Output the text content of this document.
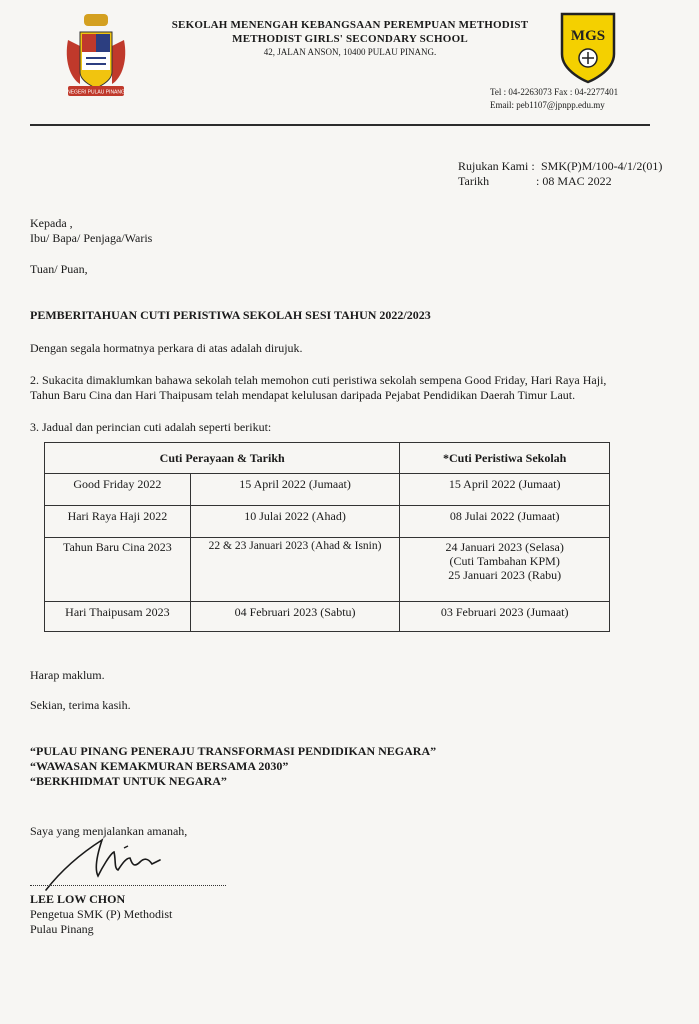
NEGERI PULAU PINANG
SEKOLAH MENENGAH KEBANGSAAN PEREMPUAN METHODIST
METHODIST GIRLS' SECONDARY SCHOOL
42, JALAN ANSON, 10400 PULAU PINANG.
MGS
Tel : 04-2263073 Fax : 04-2277401
Email: peb1107@jpnpp.edu.my
Rujukan Kami : SMK(P)M/100-4/1/2(01)
Tarikh	: 08 MAC 2022
Kepada ,
Ibu/ Bapa/ Penjaga/Waris
Tuan/ Puan,
PEMBERITAHUAN CUTI PERISTIWA SEKOLAH SESI TAHUN 2022/2023
Dengan segala hormatnya perkara di atas adalah dirujuk.
2. Sukacita dimaklumkan bahawa sekolah telah memohon cuti peristiwa sekolah sempena Good Friday, Hari Raya Haji,
Tahun Baru Cina dan Hari Thaipusam telah mendapat kelulusan daripada Pejabat Pendidikan Daerah Timur Laut.
3. Jadual dan perincian cuti adalah seperti berikut:
Cuti Perayaan & Tarikh		*Cuti Peristiwa Sekolah
Good Friday 2022	15 April 2022 (Jumaat)	15 April 2022 (Jumaat)
Hari Raya Haji 2022	10 Julai 2022 (Ahad)	08 Julai 2022 (Jumaat)
Tahun Baru Cina 2023	22 & 23 Januari 2023 (Ahad & Isnin)	24 Januari 2023 (Selasa)
(Cuti Tambahan KPM)
25 Januari 2023 (Rabu)

Hari Thaipusam 2023	04 Februari 2023 (Sabtu)	03 Februari 2023 (Jumaat)
Harap maklum.
Sekian, terima kasih.
“PULAU PINANG PENERAJU TRANSFORMASI PENDIDIKAN NEGARA”
“WAWASAN KEMAKMURAN BERSAMA 2030”
“BERKHIDMAT UNTUK NEGARA”
Saya yang menjalankan amanah,
LEE LOW CHON
Pengetua SMK (P) Methodist
Pulau Pinang
